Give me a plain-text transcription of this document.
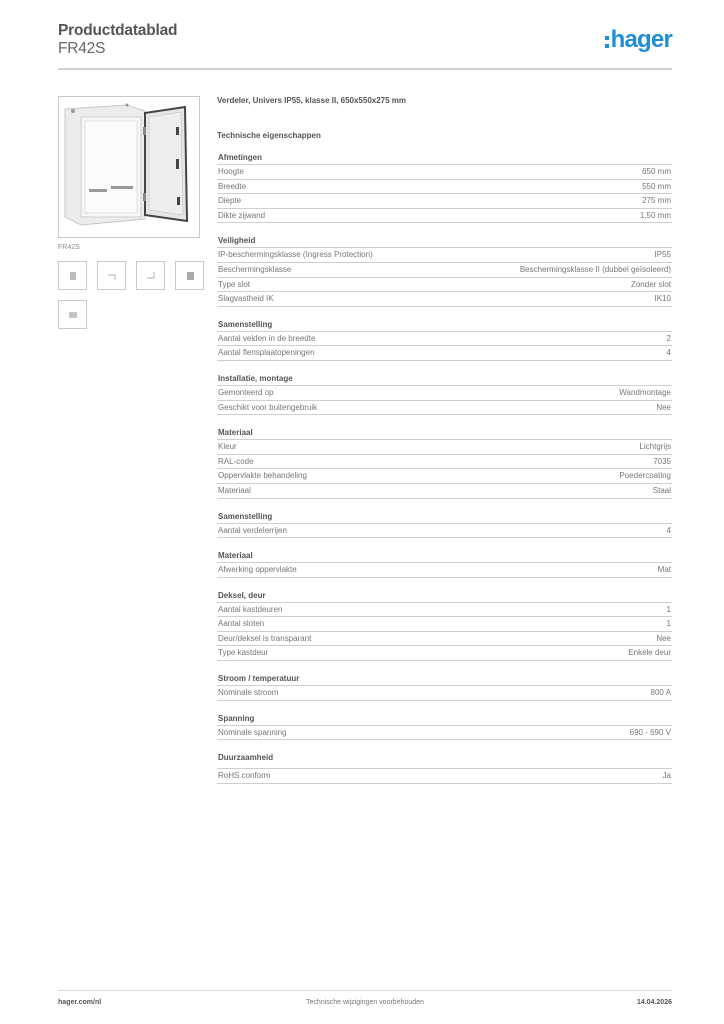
Productdatablad
FR42S	hager
FR42S
Verdeler, Univers IP55, klasse II, 650x550x275 mm
Technische eigenschappen
Afmetingen
Hoogte	650 mm
Breedte	550 mm
Diepte	275 mm
Dikte zijwand	1,50 mm
Veiligheid
IP-beschermingsklasse (Ingress Protection)	IP55
Beschermingsklasse	Beschermingsklasse II (dubbel geïsoleerd)
Type slot	Zonder slot
Slagvastheid IK	IK10
Samenstelling
Aantal velden in de breedte	2
Aantal flensplaatopeningen	4
Installatie, montage
Gemonteerd op	Wandmontage
Geschikt voor buitengebruik	Nee
Materiaal
Kleur	Lichtgrijs
RAL-code	7035
Oppervlakte behandeling	Poedercoating
Materiaal	Staal
Samenstelling
Aantal verdelerrijen	4
Materiaal
Afwerking oppervlakte	Mat
Deksel, deur
Aantal kastdeuren	1
Aantal sloten	1
Deur/deksel is transparant	Nee
Type kastdeur	Enkele deur
Stroom / temperatuur
Nominale stroom	800 A
Spanning
Nominale spanning	690 - 690 V
Duurzaamheid
RoHS conform	Ja
hager.com/nl	Technische wijzigingen voorbehouden	14.04.2026
